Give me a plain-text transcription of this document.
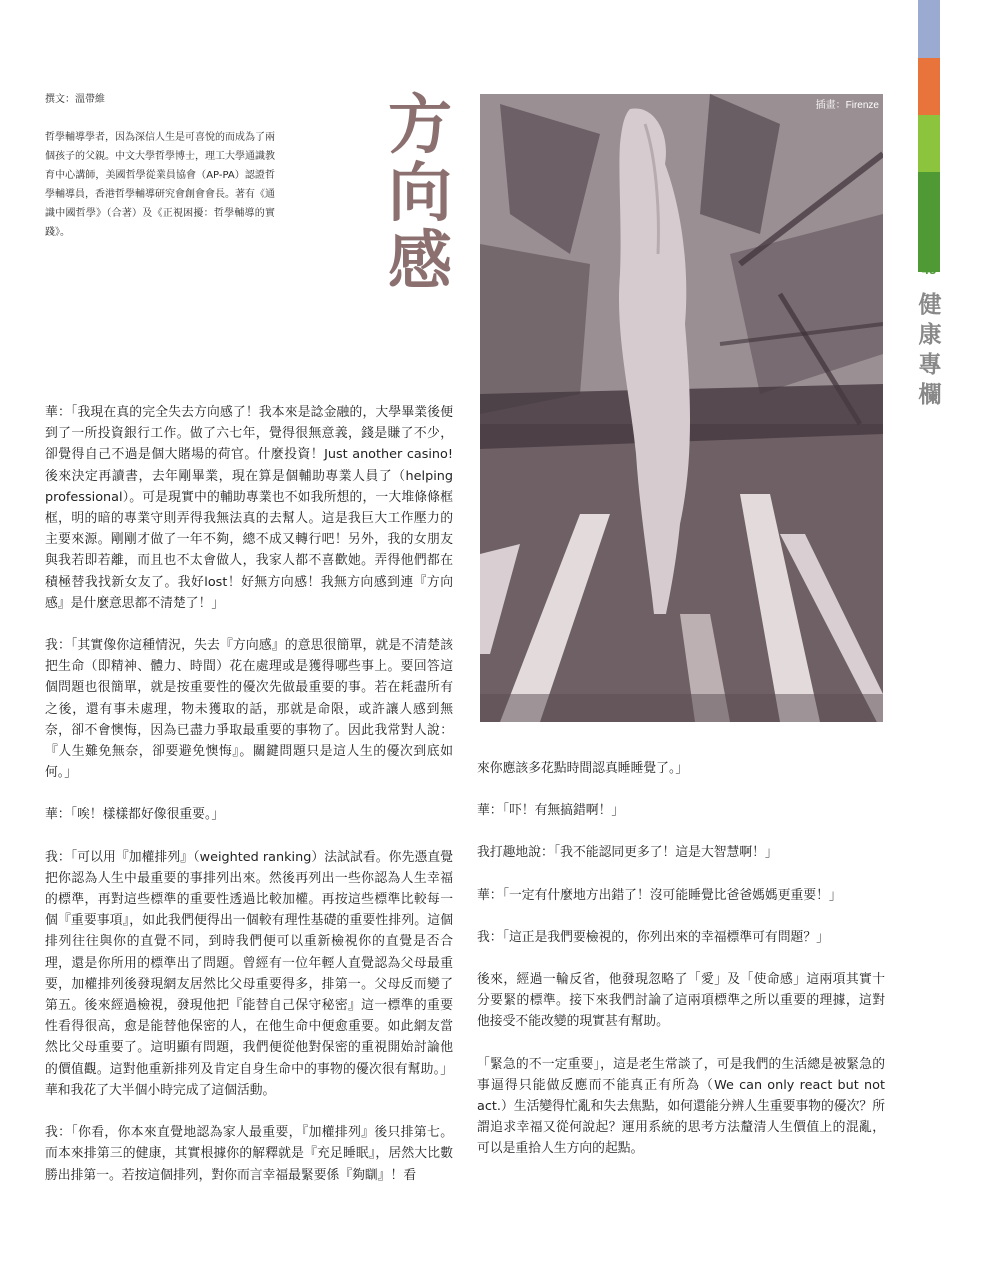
43
健康專欄
撰文：溫帶維
哲學輔導學者，因為深信人生是可喜悅的而成為了兩個孩子的父親。中文大學哲學博士，理工大學通識教育中心講師，美國哲學從業員協會（AP-PA）認證哲學輔導員，香港哲學輔導研究會創會會長。著有《通識中國哲學》（合著）及《正視困擾：哲學輔導的實踐》。
方向感
插畫：Firenze

華：「我現在真的完全失去方向感了！我本來是諗金融的，大學畢業後便到了一所投資銀行工作。做了六七年，覺得很無意義，錢是賺了不少，卻覺得自己不過是個大賭場的荷官。什麼投資！Just another casino!後來決定再讀書，去年剛畢業，現在算是個輔助專業人員了（helping professional）。可是現實中的輔助專業也不如我所想的，一大堆條條框框，明的暗的專業守則弄得我無法真的去幫人。這是我巨大工作壓力的主要來源。剛剛才做了一年不夠，總不成又轉行吧！另外，我的女朋友與我若即若離，而且也不太會做人，我家人都不喜歡她。弄得他們都在積極替我找新女友了。我好lost！好無方向感！我無方向感到連『方向感』是什麼意思都不清楚了！」

我：「其實像你這種情況，失去『方向感』的意思很簡單，就是不清楚該把生命（即精神、體力、時間）花在處理或是獲得哪些事上。要回答這個問題也很簡單，就是按重要性的優次先做最重要的事。若在耗盡所有之後，還有事未處理，物未獲取的話，那就是命限，或許讓人感到無奈，卻不會懊悔，因為已盡力爭取最重要的事物了。因此我常對人說：『人生難免無奈，卻要避免懊悔』。關鍵問題只是這人生的優次到底如何。」

華：「唉！樣樣都好像很重要。」

我：「可以用『加權排列』（weighted ranking）法試試看。你先憑直覺把你認為人生中最重要的事排列出來。然後再列出一些你認為人生幸福的標準，再對這些標準的重要性透過比較加權。再按這些標準比較每一個『重要事項』，如此我們便得出一個較有理性基礎的重要性排列。這個排列往往與你的直覺不同，到時我們便可以重新檢視你的直覺是否合理，還是你所用的標準出了問題。曾經有一位年輕人直覺認為父母最重要，加權排列後發現網友居然比父母重要得多，排第一。父母反而變了第五。後來經過檢視，發現他把『能替自己保守秘密』這一標準的重要性看得很高，愈是能替他保密的人，在他生命中便愈重要。如此網友當然比父母重要了。這明顯有問題，我們便從他對保密的重視開始討論他的價值觀。這對他重新排列及肯定自身生命中的事物的優次很有幫助。」華和我花了大半個小時完成了這個活動。

我：「你看，你本來直覺地認為家人最重要，『加權排列』後只排第七。而本來排第三的健康，其實根據你的解釋就是『充足睡眠』，居然大比數勝出排第一。若按這個排列，對你而言幸福最緊要係『夠瞓』！看

來你應該多花點時間認真睡睡覺了。」

華：「吓！有無搞錯啊！」

我打趣地說：「我不能認同更多了！這是大智慧啊！」

華：「一定有什麼地方出錯了！沒可能睡覺比爸爸媽媽更重要！」

我：「這正是我們要檢視的，你列出來的幸福標準可有問題？」

後來，經過一輪反省，他發現忽略了「愛」及「使命感」這兩項其實十分要緊的標準。接下來我們討論了這兩項標準之所以重要的理據，這對他接受不能改變的現實甚有幫助。

「緊急的不一定重要」，這是老生常談了，可是我們的生活總是被緊急的事逼得只能做反應而不能真正有所為（We can only react but not act.）生活變得忙亂和失去焦點，如何還能分辨人生重要事物的優次？所謂追求幸福又從何說起？運用系統的思考方法釐清人生價值上的混亂，可以是重拾人生方向的起點。
